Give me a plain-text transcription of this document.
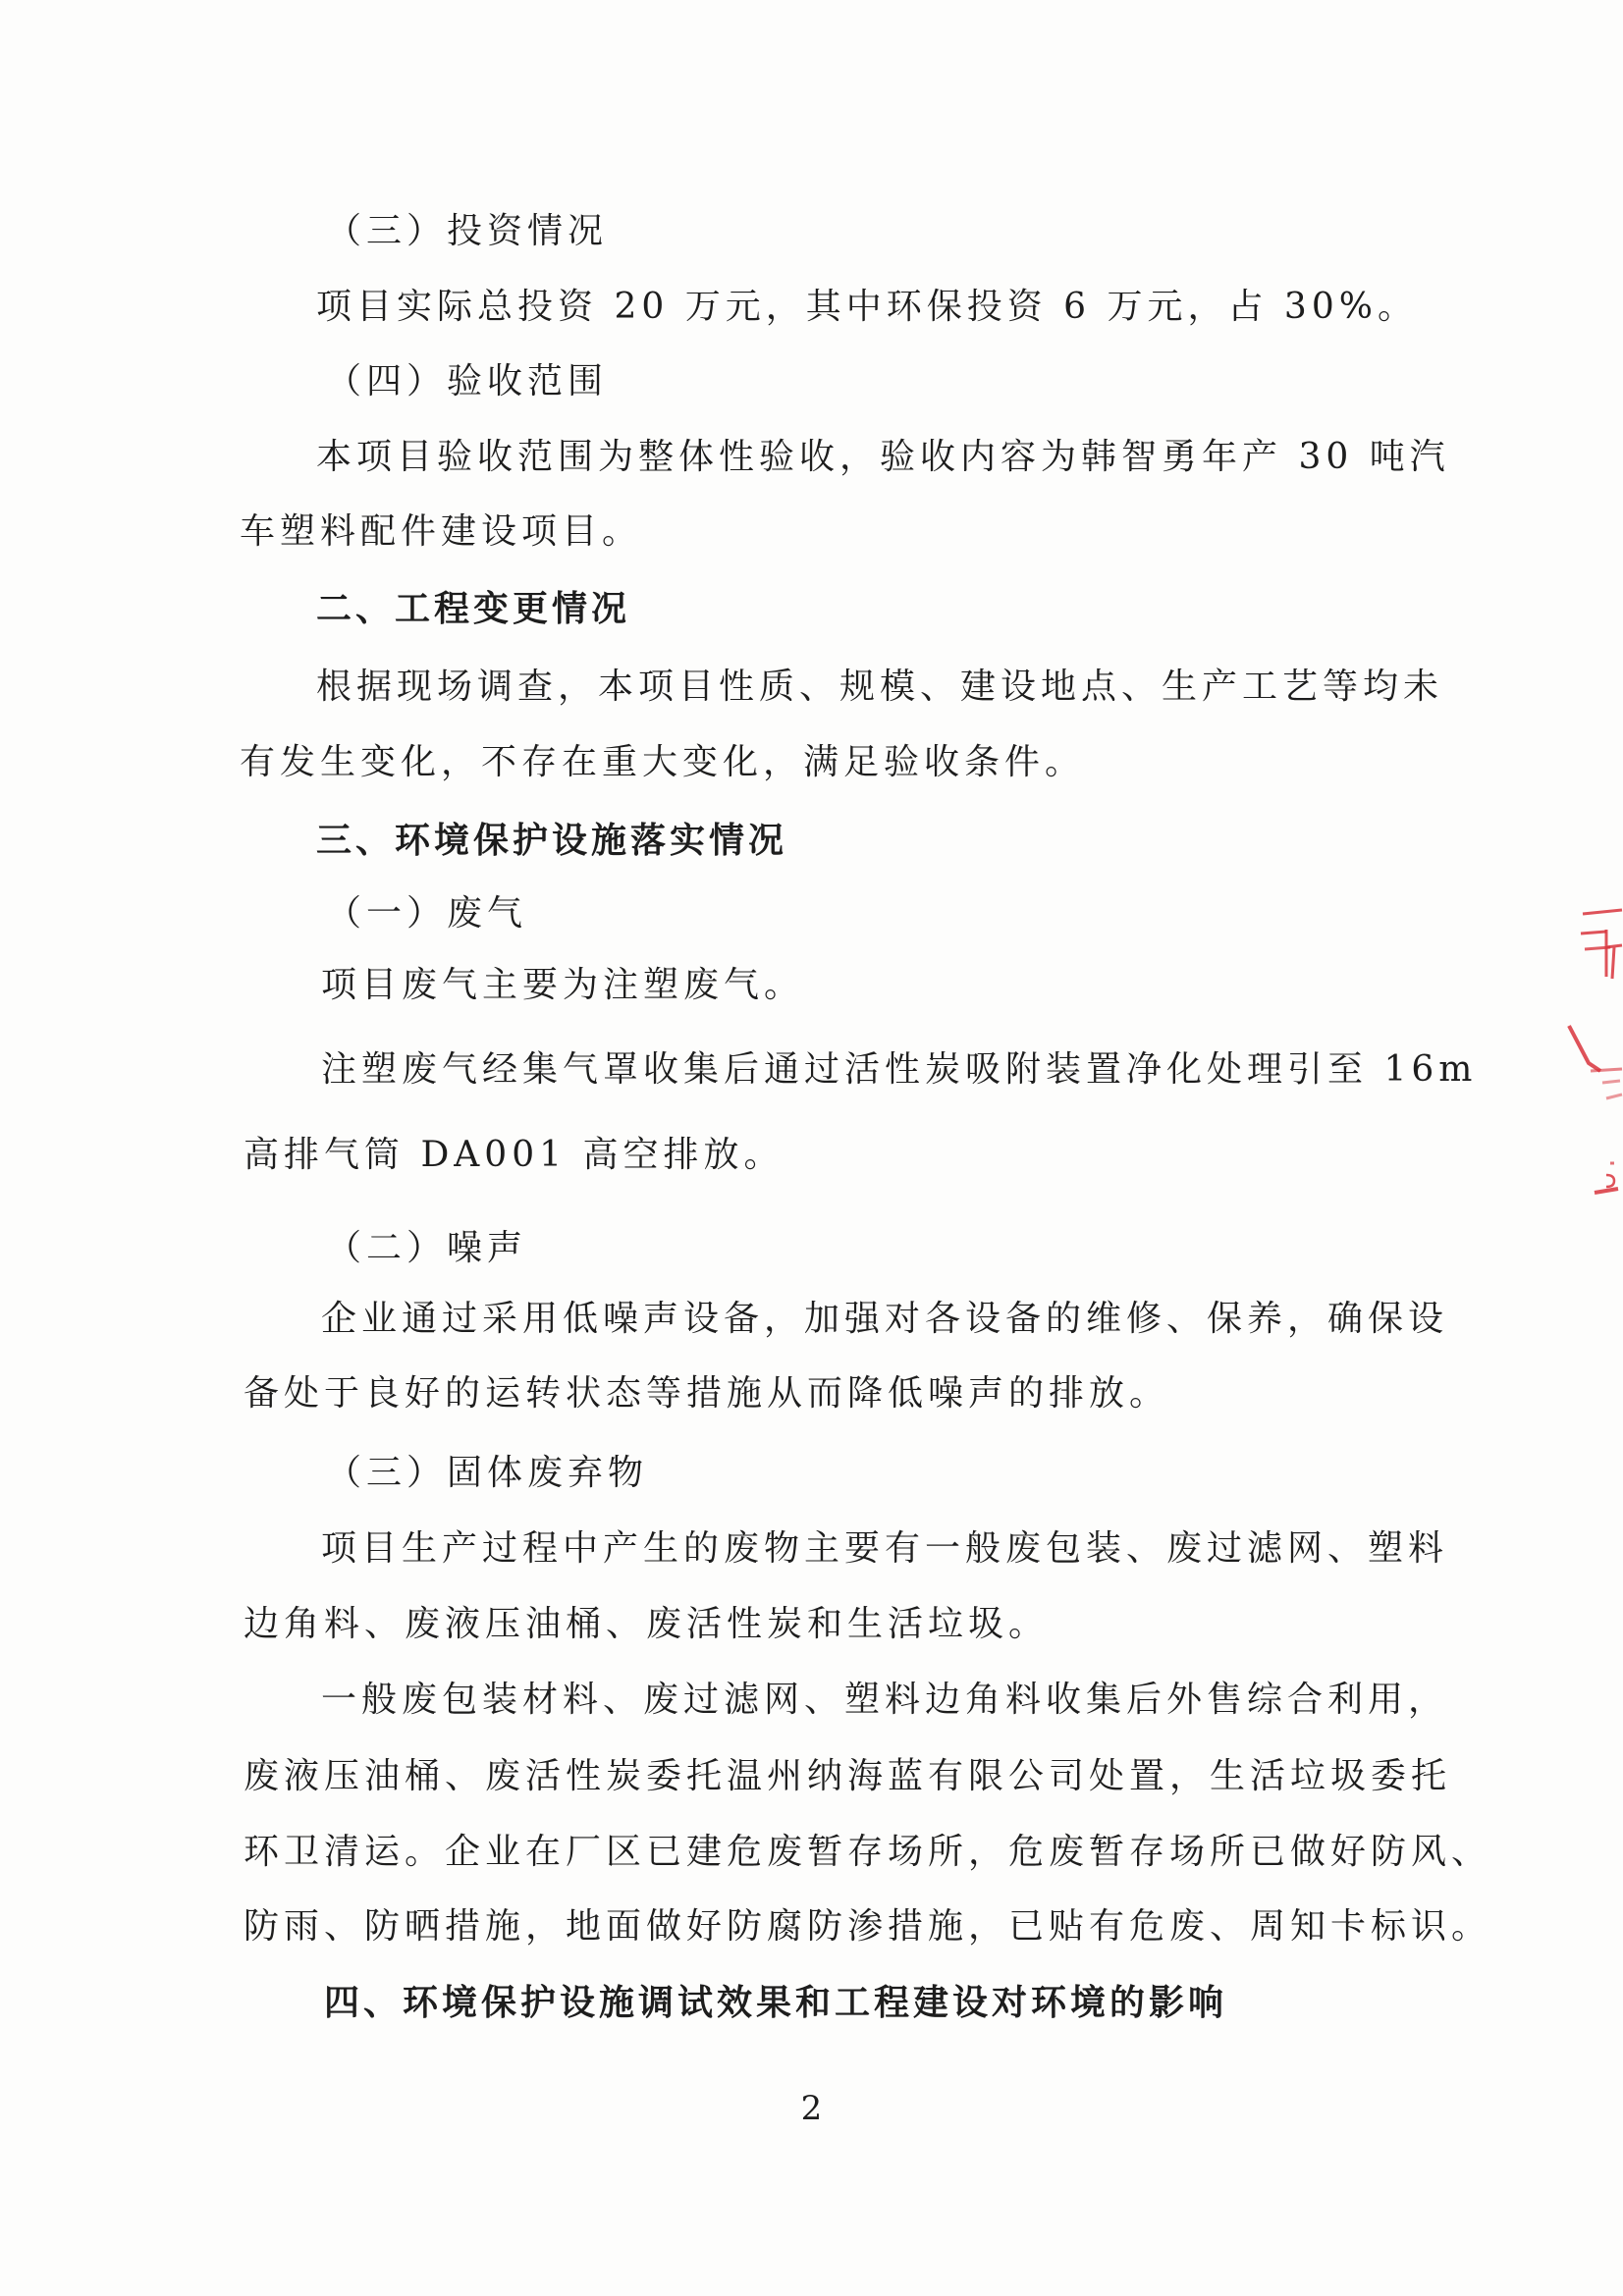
（三）投资情况
项目实际总投资 20 万元，其中环保投资 6 万元，占 30%。
（四）验收范围
本项目验收范围为整体性验收，验收内容为韩智勇年产 30 吨汽
车塑料配件建设项目。
二、工程变更情况
根据现场调查，本项目性质、规模、建设地点、生产工艺等均未
有发生变化，不存在重大变化，满足验收条件。
三、环境保护设施落实情况
（一）废气
项目废气主要为注塑废气。
注塑废气经集气罩收集后通过活性炭吸附装置净化处理引至 16m
高排气筒 DA001 高空排放。
（二）噪声
企业通过采用低噪声设备，加强对各设备的维修、保养，确保设
备处于良好的运转状态等措施从而降低噪声的排放。
（三）固体废弃物
项目生产过程中产生的废物主要有一般废包装、废过滤网、塑料
边角料、废液压油桶、废活性炭和生活垃圾。
一般废包装材料、废过滤网、塑料边角料收集后外售综合利用，
废液压油桶、废活性炭委托温州纳海蓝有限公司处置，生活垃圾委托
环卫清运。企业在厂区已建危废暂存场所，危废暂存场所已做好防风、
防雨、防晒措施，地面做好防腐防渗措施，已贴有危废、周知卡标识。
四、环境保护设施调试效果和工程建设对环境的影响
2
